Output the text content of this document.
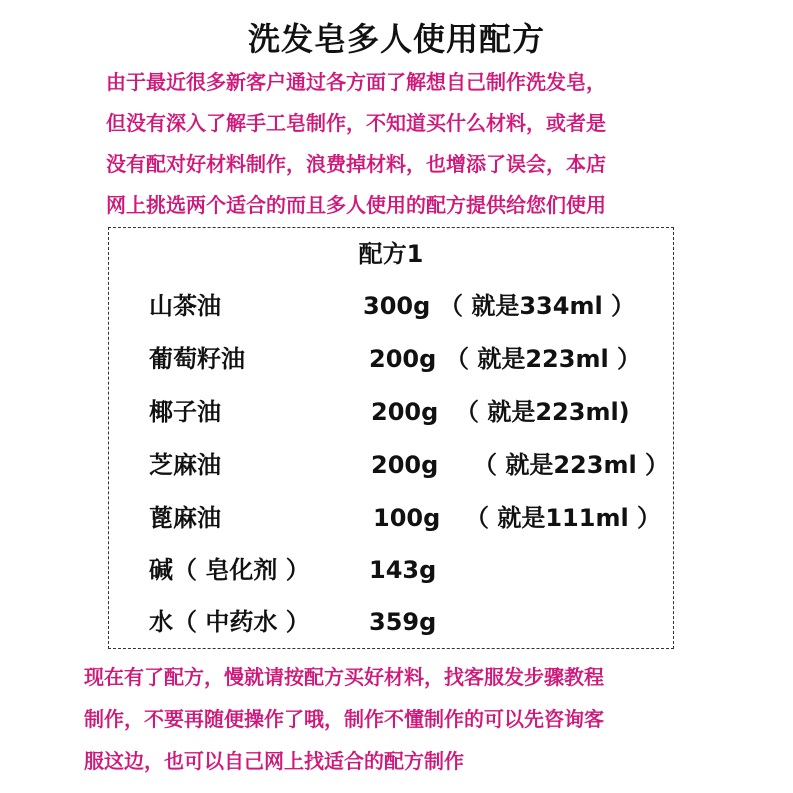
洗发皂多人使用配方
由于最近很多新客户通过各方面了解想自己制作洗发皂，
但没有深入了解手工皂制作，不知道买什么材料，或者是
没有配对好材料制作，浪费掉材料，也增添了误会，本店
网上挑选两个适合的而且多人使用的配方提供给您们使用
配方1
山茶油	300g （ 就是334ml ）
葡萄籽油	200g （ 就是223ml ）
椰子油	200g （ 就是223ml)
芝麻油	200g （ 就是223ml ）
蓖麻油	100g （ 就是111ml ）
碱（ 皂化剂 ） 143g
水（ 中药水 ） 359g
现在有了配方，慢就请按配方买好材料，找客服发步骤教程
制作，不要再随便操作了哦，制作不懂制作的可以先咨询客
服这边，也可以自己网上找适合的配方制作
